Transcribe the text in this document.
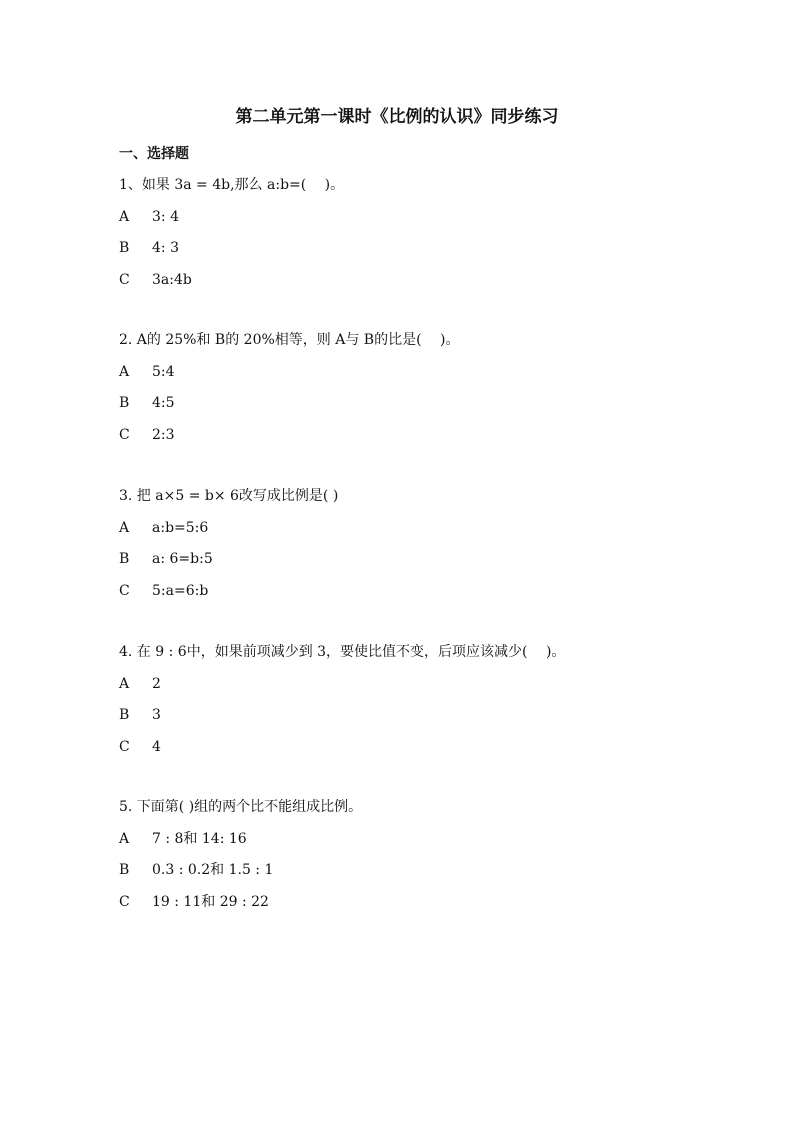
第二单元第一课时《比例的认识》同步练习
一、选择题
1、如果 3a = 4b,那么 a:b=(　 )。
A 3: 4
B 4: 3
C 3a:4b
2. A的 25%和 B的 20%相等，则 A与 B的比是(　 )。
A 5:4
B 4:5
C 2:3
3. 把 a×5 = b× 6改写成比例是( )
A a:b=5:6
B a: 6=b:5
C 5:a=6:b
4. 在 9 : 6中，如果前项减少到 3，要使比值不变，后项应该减少(　 )。
A 2
B 3
C 4
5. 下面第( )组的两个比不能组成比例。
A 7 : 8和 14: 16
B 0.3 : 0.2和 1.5 : 1
C 19 : 11和 29 : 22
